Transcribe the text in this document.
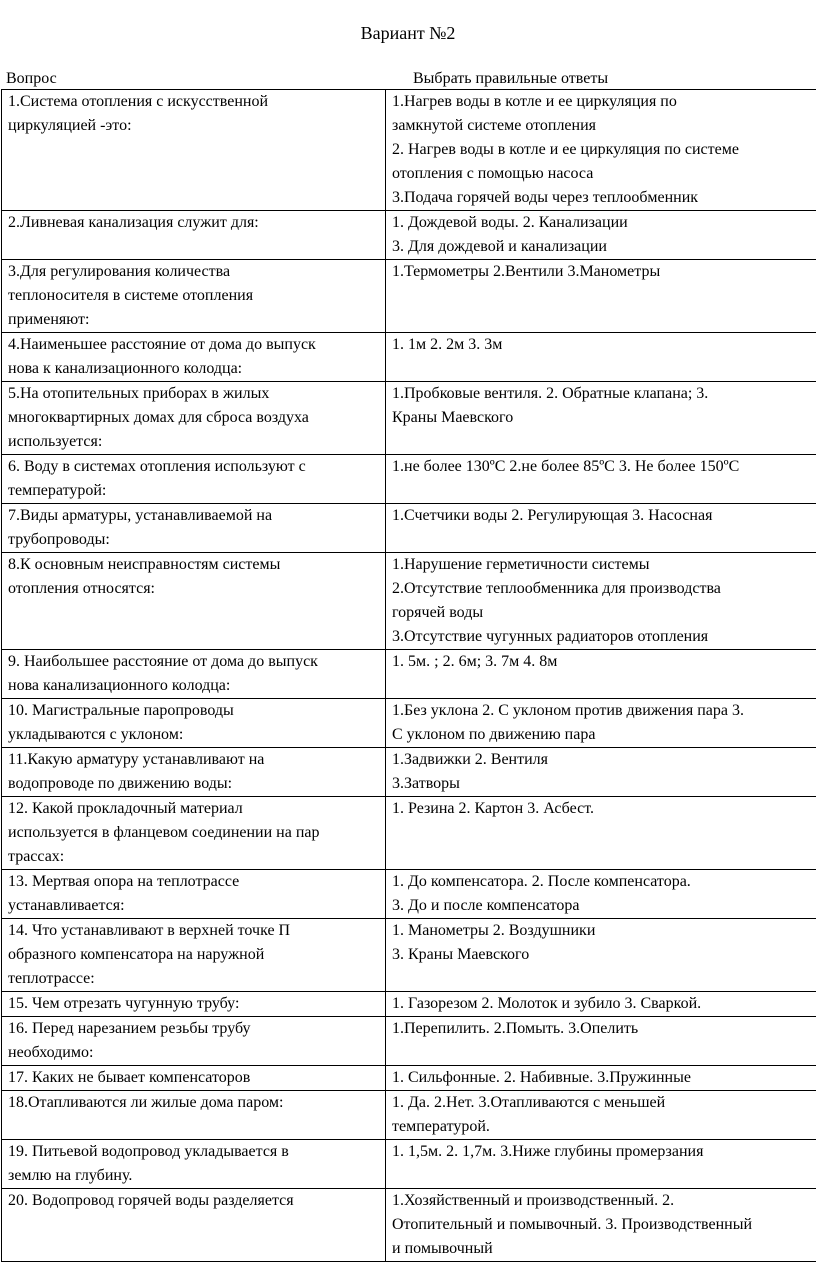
Вариант №2
Вопрос	Выбрать правильные ответы
1.Система отопления с искусственной
циркуляцией -это:	1.Нагрев воды в котле и ее циркуляция по
замкнутой системе отопления
2. Нагрев воды в котле и ее циркуляция по системе
отопления с помощью насоса
3.Подача горячей воды через теплообменник
2.Ливневая канализация служит для:	1. Дождевой воды. 2. Канализации
3. Для дождевой и канализации
3.Для регулирования количества
теплоносителя в системе отопления
применяют:	1.Термометры 2.Вентили 3.Манометры
4.Наименьшее расстояние от дома до выпуск
нова к канализационного колодца:	1. 1м 2. 2м 3. 3м
5.На отопительных приборах в жилых
многоквартирных домах для сброса воздуха
используется:	1.Пробковые вентиля. 2. Обратные клапана; 3.
Краны Маевского
6. Воду в системах отопления используют с
температурой:	1.не более 130ºC 2.не более 85ºC 3. Не более 150ºC
7.Виды арматуры, устанавливаемой на
трубопроводы:	1.Счетчики воды 2. Регулирующая 3. Насосная
8.К основным неисправностям системы
отопления относятся:	1.Нарушение герметичности системы
2.Отсутствие теплообменника для производства
горячей воды
3.Отсутствие чугунных радиаторов отопления
9. Наибольшее расстояние от дома до выпуск
нова канализационного колодца:	1. 5м. ; 2. 6м; 3. 7м 4. 8м
10. Магистральные паропроводы
укладываются с уклоном:	1.Без уклона 2. С уклоном против движения пара 3.
С уклоном по движению пара
11.Какую арматуру устанавливают на
водопроводе по движению воды:	1.Задвижки 2. Вентиля
3.Затворы
12. Какой прокладочный материал
используется в фланцевом соединении на пар
трассах:	1. Резина 2. Картон 3. Асбест.
13. Мертвая опора на теплотрассе
устанавливается:	1. До компенсатора. 2. После компенсатора.
3. До и после компенсатора
14. Что устанавливают в верхней точке П
образного компенсатора на наружной
теплотрассе:	1. Манометры 2. Воздушники
3. Краны Маевского
15. Чем отрезать чугунную трубу:	1. Газорезом 2. Молоток и зубило 3. Сваркой.
16. Перед нарезанием резьбы трубу
необходимо:	1.Перепилить. 2.Помыть. 3.Опелить
17. Каких не бывает компенсаторов	1. Сильфонные. 2. Набивные. 3.Пружинные
18.Отапливаются ли жилые дома паром:	1. Да. 2.Нет. 3.Отапливаются с меньшей
температурой.
19. Питьевой водопровод укладывается в
землю на глубину.	1. 1,5м. 2. 1,7м. 3.Ниже глубины промерзания
20. Водопровод горячей воды разделяется	1.Хозяйственный и производственный. 2.
Отопительный и помывочный. 3. Производственный
и помывочный
